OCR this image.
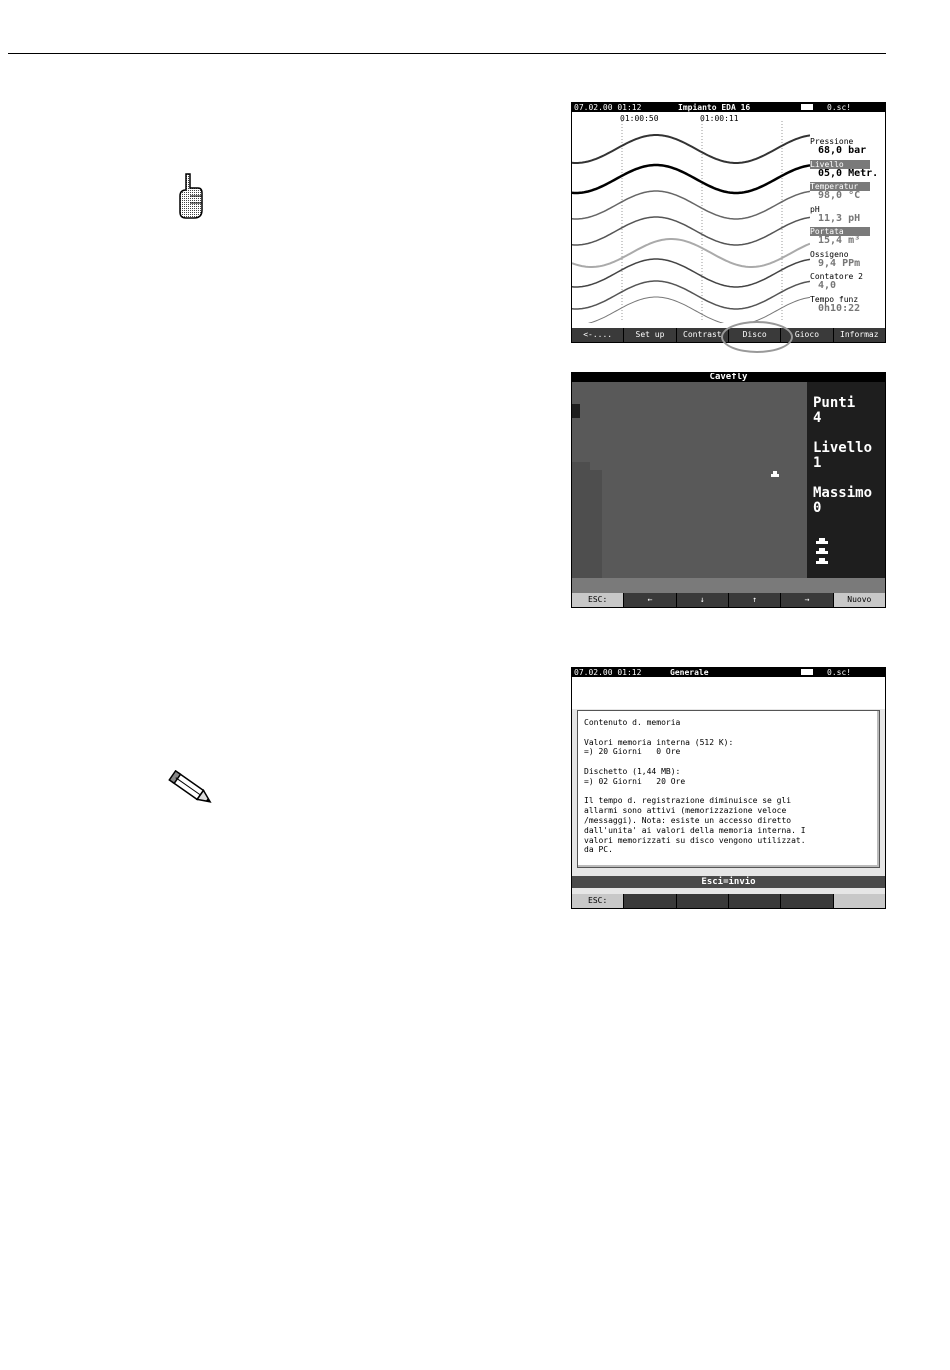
07.02.00 01:12

	Impianto EDA 16

	0.sc!

01:00:50	01:00:11
Pressione
68,0 bar
Livello
05,0 Metr.
Temperatur
98,0 °C
pH
11,3 pH
Portata
15,4 m³
Ossigeno
9,4 PPm
Contatore 2
4,0
Tempo funz
0h10:22
<-....	Set up	Contrast	Disco	Gioco	Informaz
Cavefly
Punti
4
Livello
1
Massimo
0
ESC:	←	↓	↑	→	Nuovo

07.02.00 01:12

	Generale

	0.sc!

Contenuto d. memoria
Valori memoria interna (512 K):
=) 20 Giorni   0 Ore
Dischetto (1,44 MB):
=) 02 Giorni   20 Ore
Il tempo d. registrazione diminuisce se gli
allarmi sono attivi (memorizzazione veloce
/messaggi). Nota: esiste un accesso diretto
dall'unita' ai valori della memoria interna. I
valori memorizzati su disco vengono utilizzat.
da PC.
Esci=invio
ESC:
